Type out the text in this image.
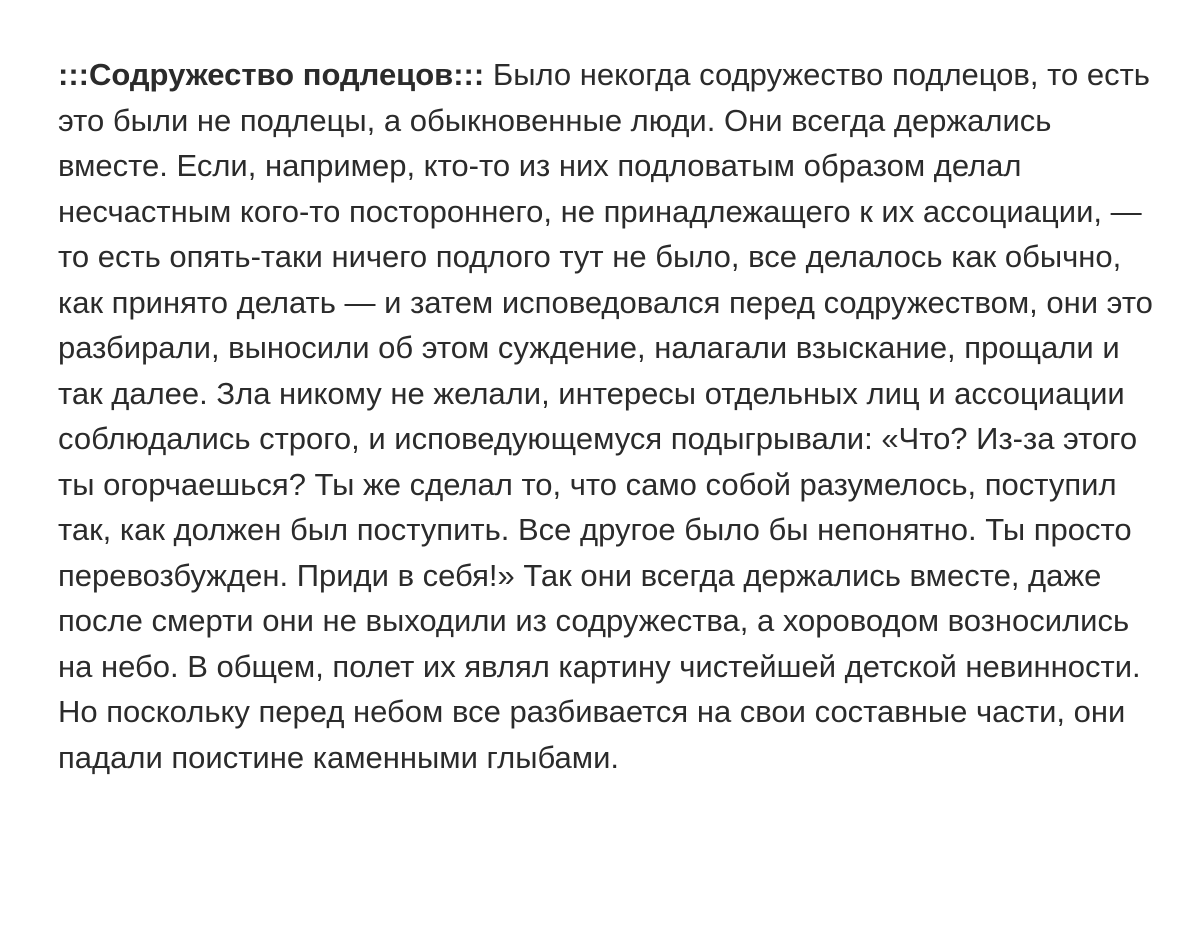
:::Содружество подлецов::: Было некогда содружество подлецов, то есть это были не подлецы, а обыкновенные люди. Они всегда держались вместе. Если, например, кто-то из них подловатым образом делал несчастным кого-то постороннего, не принадлежащего к их ассоциации, — то есть опять-таки ничего подлого тут не было, все делалось как обычно, как принято делать — и затем исповедовался перед содружеством, они это разбирали, выносили об этом суждение, налагали взыскание, прощали и так далее. Зла никому не желали, интересы отдельных лиц и ассоциации соблюдались строго, и исповедующемуся подыгрывали: «Что? Из-за этого ты огорчаешься? Ты же сделал то, что само собой разумелось, поступил так, как должен был поступить. Все другое было бы непонятно. Ты просто перевозбужден. Приди в себя!» Так они всегда держались вместе, даже после смерти они не выходили из содружества, а хороводом возносились на небо. В общем, полет их являл картину чистейшей детской невинности. Но поскольку перед небом все разбивается на свои составные части, они падали поистине каменными глыбами.
